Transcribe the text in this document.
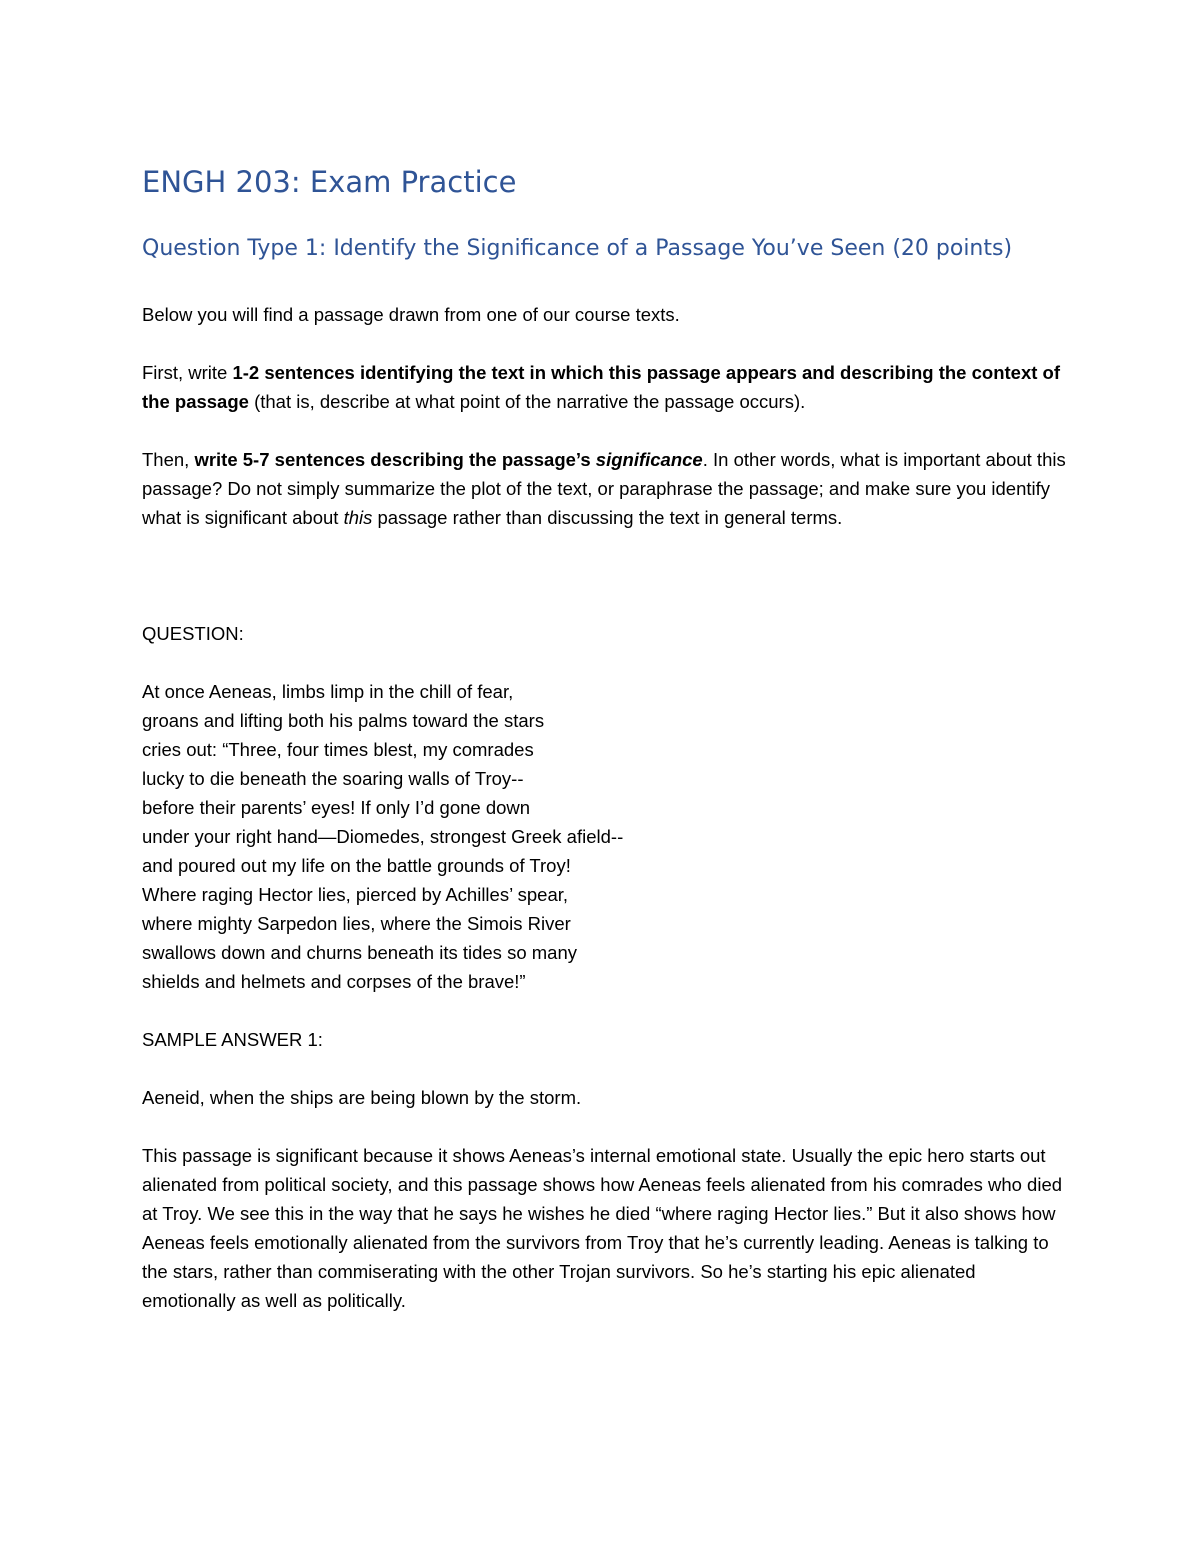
ENGH 203: Exam Practice
Question Type 1: Identify the Significance of a Passage You’ve Seen (20 points)

Below you will find a passage drawn from one of our course texts.

First, write 1-2 sentences identifying the text in which this passage appears and describing the context of the passage (that is, describe at what point of the narrative the passage occurs).

Then, write 5-7 sentences describing the passage’s significance. In other words, what is important about this passage? Do not simply summarize the plot of the text, or paraphrase the passage; and make sure you identify what is significant about this passage rather than discussing the text in general terms.

QUESTION:

At once Aeneas, limbs limp in the chill of fear,
groans and lifting both his palms toward the stars
cries out: “Three, four times blest, my comrades
lucky to die beneath the soaring walls of Troy--
before their parents’ eyes! If only I’d gone down
under your right hand—Diomedes, strongest Greek afield--
and poured out my life on the battle grounds of Troy!
Where raging Hector lies, pierced by Achilles’ spear,
where mighty Sarpedon lies, where the Simois River
swallows down and churns beneath its tides so many
shields and helmets and corpses of the brave!”

SAMPLE ANSWER 1:

Aeneid, when the ships are being blown by the storm.

This passage is significant because it shows Aeneas’s internal emotional state. Usually the epic hero starts out alienated from political society, and this passage shows how Aeneas feels alienated from his comrades who died at Troy. We see this in the way that he says he wishes he died “where raging Hector lies.” But it also shows how Aeneas feels emotionally alienated from the survivors from Troy that he’s currently leading. Aeneas is talking to the stars, rather than commiserating with the other Trojan survivors. So he’s starting his epic alienated emotionally as well as politically.
